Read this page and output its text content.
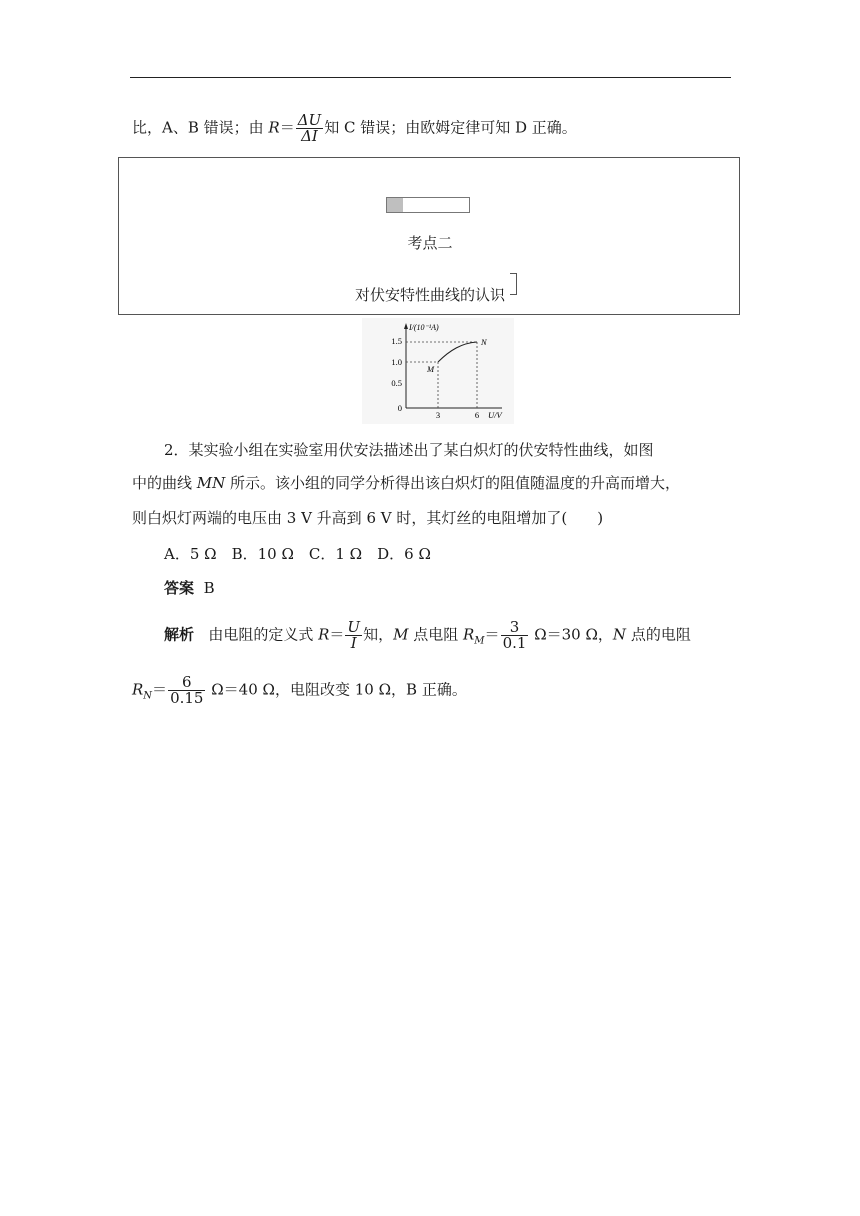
比，A、B 错误；由 $R= \frac{\Delta U}{\Delta I}$ 知 C 错误；由欧姆定律可知 D 正确。
考点二
对伏安特性曲线的认识
I/(10⁻¹A)
1.5
1.0
0.5
0
3	6 U/V
M
N
2．某实验小组在实验室用伏安法描述出了某白炽灯的伏安特性曲线，如图
中的曲线 MN 所示。该小组的同学分析得出该白炽灯的阻值随温度的升高而增大，
则白炽灯两端的电压由 3 V 升高到 6 V 时，其灯丝的电阻增加了(　　)
A．5 Ω　B．10 Ω　C．1 Ω　D．6 Ω
答案 B
解析 由电阻的定义式 $R= \frac{U}{I}$ 知，M 点电阻 $R_M= \frac{3}{0.1} \Omega=30$ Ω，N 点的电阻
$R_N= \frac{6}{0.15} \Omega=40$ Ω，电阻改变 10 Ω，B 正确。
